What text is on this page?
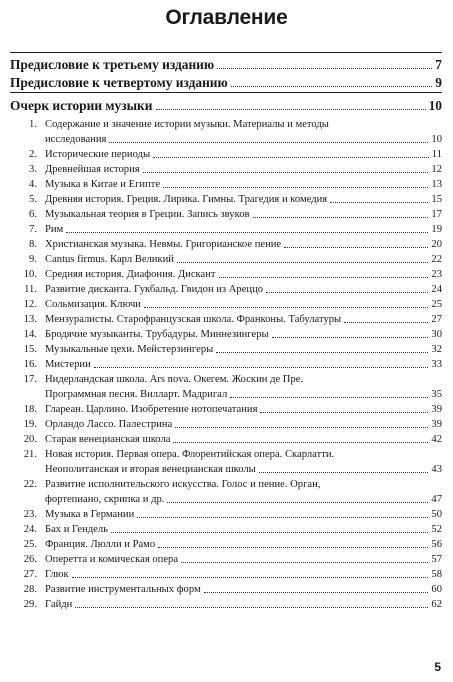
Оглавление
Предисловие к третьему изданию	7
Предисловие к четвертому изданию	9
Очерк истории музыки	10
1. Содержание и значение истории музыки. Материалы и методы
исследования	10
2. Исторические периоды	11
3. Древнейшая история	12
4. Музыка в Китае и Египте	13
5. Древняя история. Греция. Лирика. Гимны. Трагедия и комедия	15
6. Музыкальная теория в Греции. Запись звуков	17
7. Рим	19
8. Христианская музыка. Невмы. Григорианское пение	20
9. Cantus firmus. Карл Великий	22
10. Средняя история. Диафония. Дискант	23
11. Развитие дисканта. Гукбальд. Гвидон из Ареццо	24
12. Сольмизация. Ключи	25
13. Мензуралисты. Старофранцузская школа. Франконы. Табулатуры	27
14. Бродячие музыканты. Трубадуры. Миннезингеры	30
15. Музыкальные цехи. Мейстерзингеры	32
16. Мистерии	33
17. Нидерландская школа. Ars nova. Окегем. Жоскин де Пре.
Программная песня. Вилларт. Мадригал	35
18. Глареан. Царлино. Изобретение нотопечатания	39
19. Орландо Лассо. Палестрина	39
20. Старая венецианская школа	42
21. Новая история. Первая опера. Флорентийская опера. Скарлатти.
Неополитанская и вторая венецианская школы	43
22. Развитие исполнительского искусства. Голос и пение. Орган,
фортепиано, скрипка и др.	47
23. Музыка в Германии	50
24. Бах и Гендель	52
25. Франция. Люлли и Рамо	56
26. Оперетта и комическая опера	57
27. Глюк	58
28. Развитие инструментальных форм	60
29. Гайдн	62
5
